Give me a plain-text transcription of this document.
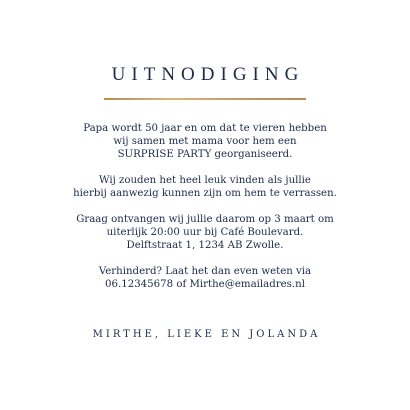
UITNODIGING

Papa wordt 50 jaar en om dat te vieren hebben
wij samen met mama voor hem een
SURPRISE PARTY georganiseerd.

Wij zouden het heel leuk vinden als jullie
hierbij aanwezig kunnen zijn om hem te verrassen.

Graag ontvangen wij jullie daarom op 3 maart om
uiterlijk 20:00 uur bij Café Boulevard.
Delftstraat 1, 1234 AB Zwolle.

Verhinderd? Laat het dan even weten via
06.12345678 of Mirthe@emailadres.nl

MIRTHE, LIEKE EN JOLANDA
